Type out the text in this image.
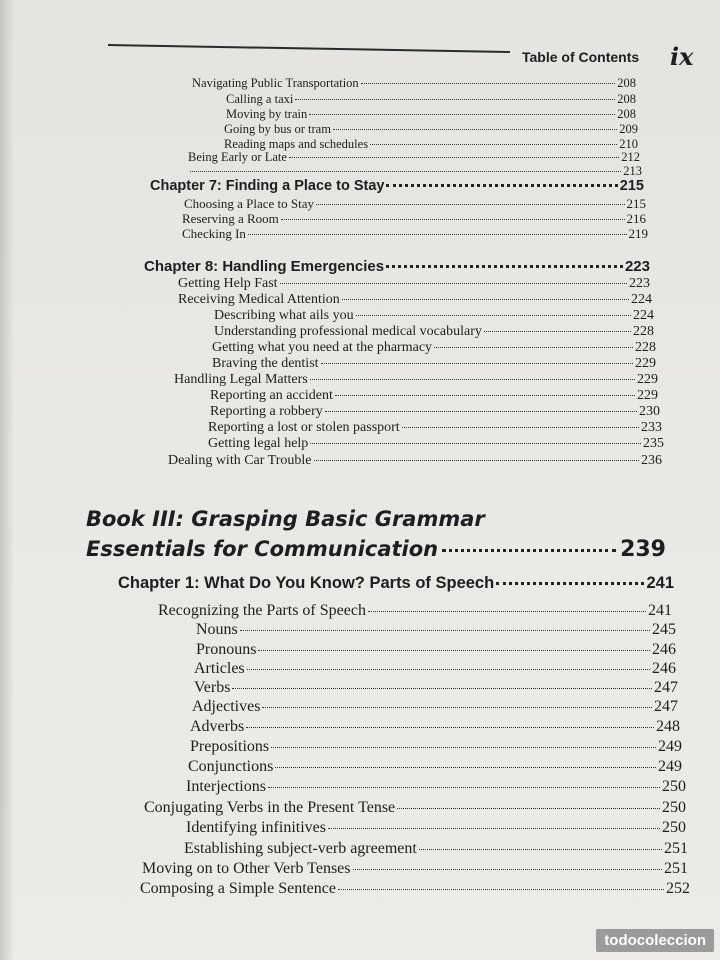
Table of Contents ix
Navigating Public Transportation	208
Calling a taxi	208
Moving by train	208
Going by bus or tram	209
Reading maps and schedules	210
Being Early or Late	212
213
Chapter 7: Finding a Place to Stay	215
Choosing a Place to Stay	215
Reserving a Room	216
Checking In	219
Chapter 8: Handling Emergencies	223
Getting Help Fast	223
Receiving Medical Attention	224
Describing what ails you	224
Understanding professional medical vocabulary	228
Getting what you need at the pharmacy	228
Braving the dentist	229
Handling Legal Matters	229
Reporting an accident	229
Reporting a robbery	230
Reporting a lost or stolen passport	233
Getting legal help	235
Dealing with Car Trouble	236
Chapter 1: What Do You Know? Parts of Speech	241
Recognizing the Parts of Speech	241
Nouns	245
Pronouns	246
Articles	246
Verbs	247
Adjectives	247
Adverbs	248
Prepositions	249
Conjunctions	249
Interjections	250
Conjugating Verbs in the Present Tense	250
Identifying infinitives	250
Establishing subject-verb agreement	251
Moving on to Other Verb Tenses	251
Composing a Simple Sentence	252
Book III: Grasping Basic Grammar
Essentials for Communication	239
todocoleccion
